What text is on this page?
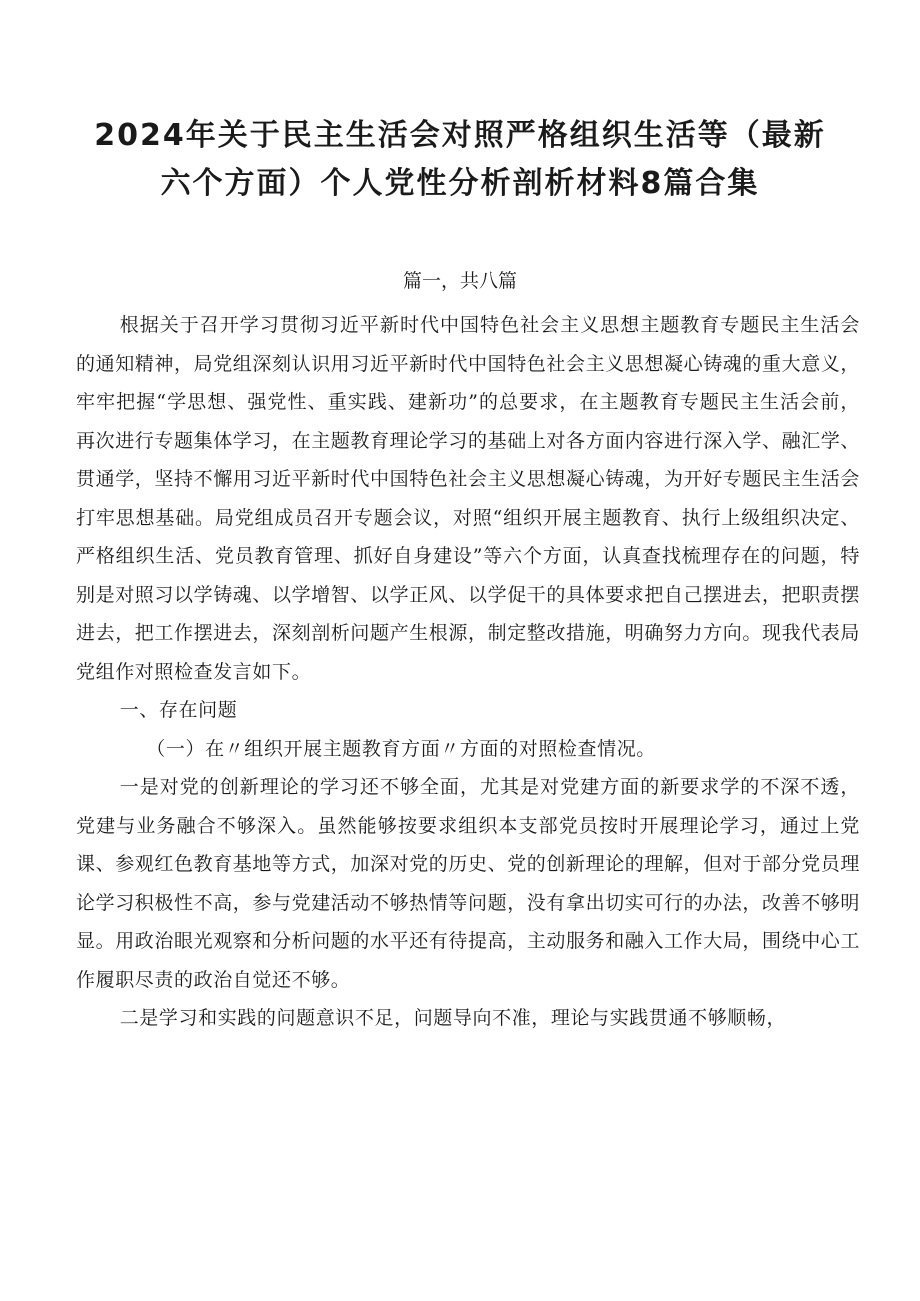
2024年关于民主生活会对照严格组织生活等（最新六个方面）个人党性分析剖析材料8篇合集

篇一，共八篇

根据关于召开学习贯彻习近平新时代中国特色社会主义思想主题教育专题民主生活会的通知精神，局党组深刻认识用习近平新时代中国特色社会主义思想凝心铸魂的重大意义，牢牢把握“学思想、强党性、重实践、建新功”的总要求，在主题教育专题民主生活会前，再次进行专题集体学习，在主题教育理论学习的基础上对各方面内容进行深入学、融汇学、贯通学，坚持不懈用习近平新时代中国特色社会主义思想凝心铸魂，为开好专题民主生活会打牢思想基础。局党组成员召开专题会议，对照“组织开展主题教育、执行上级组织决定、严格组织生活、党员教育管理、抓好自身建设”等六个方面，认真查找梳理存在的问题，特别是对照习以学铸魂、以学增智、以学正风、以学促干的具体要求把自己摆进去，把职责摆进去，把工作摆进去，深刻剖析问题产生根源，制定整改措施，明确努力方向。现我代表局党组作对照检查发言如下。

一、存在问题

（一）在〃组织开展主题教育方面〃方面的对照检查情况。

一是对党的创新理论的学习还不够全面，尤其是对党建方面的新要求学的不深不透，党建与业务融合不够深入。虽然能够按要求组织本支部党员按时开展理论学习，通过上党课、参观红色教育基地等方式，加深对党的历史、党的创新理论的理解，但对于部分党员理论学习积极性不高，参与党建活动不够热情等问题，没有拿出切实可行的办法，改善不够明显。用政治眼光观察和分析问题的水平还有待提高，主动服务和融入工作大局，围绕中心工作履职尽责的政治自觉还不够。

二是学习和实践的问题意识不足，问题导向不准，理论与实践贯通不够顺畅，
